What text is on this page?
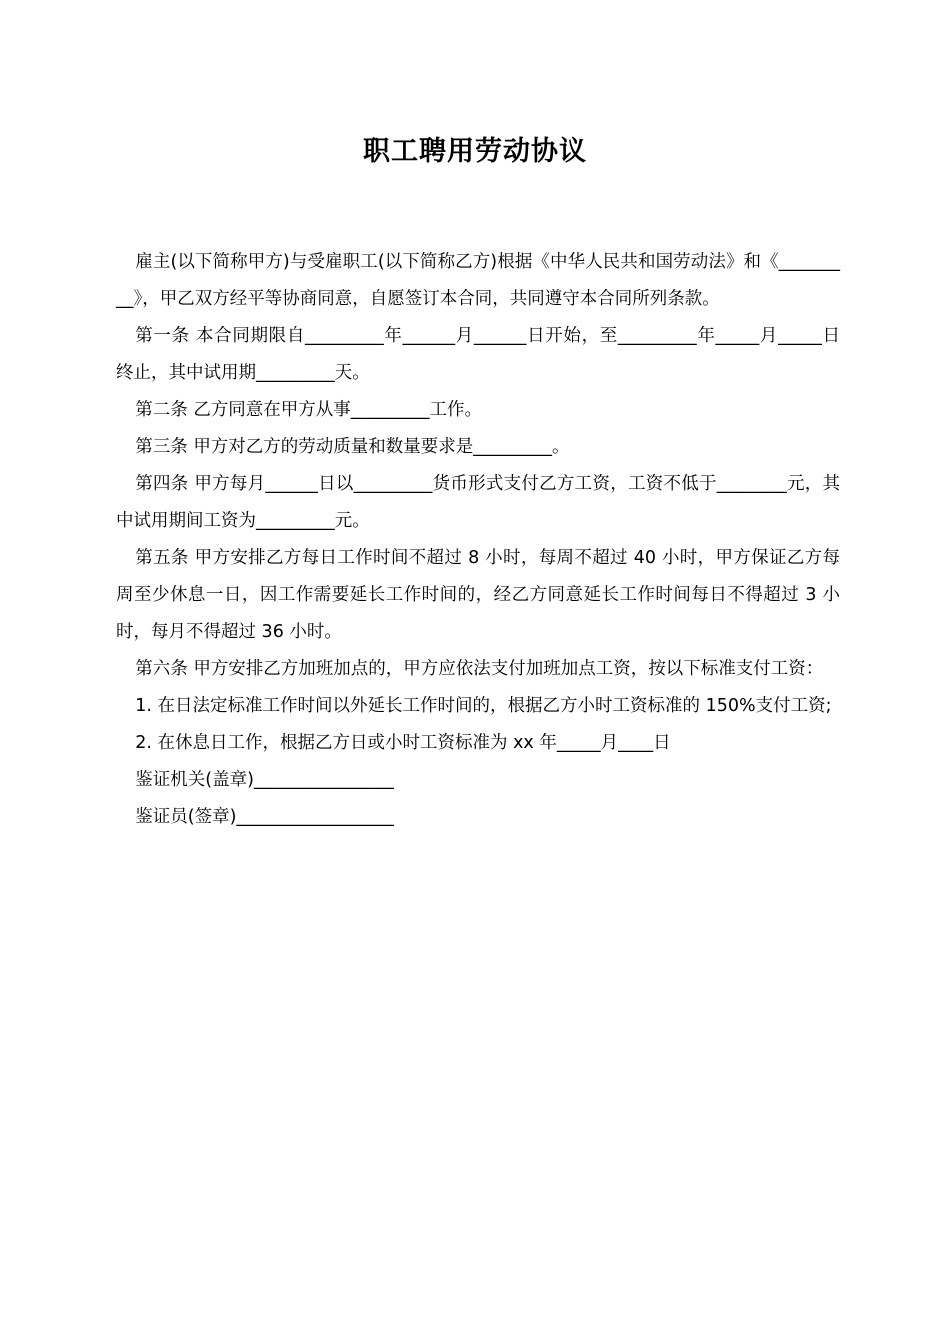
职工聘用劳动协议

雇主(以下简称甲方)与受雇职工(以下简称乙方)根据《中华人民共和国劳动法》和《_________》，甲乙双方经平等协商同意，自愿签订本合同，共同遵守本合同所列条款。

第一条 本合同期限自_________年______月______日开始，至_________年_____月_____日终止，其中试用期_________天。

第二条 乙方同意在甲方从事_________工作。

第三条 甲方对乙方的劳动质量和数量要求是_________。

第四条 甲方每月______日以_________货币形式支付乙方工资，工资不低于________元，其中试用期间工资为_________元。

第五条 甲方安排乙方每日工作时间不超过 8 小时，每周不超过 40 小时，甲方保证乙方每周至少休息一日，因工作需要延长工作时间的，经乙方同意延长工作时间每日不得超过 3 小时，每月不得超过 36 小时。

第六条 甲方安排乙方加班加点的，甲方应依法支付加班加点工资，按以下标准支付工资：

1. 在日法定标准工作时间以外延长工作时间的，根据乙方小时工资标准的 150%支付工资;

2. 在休息日工作，根据乙方日或小时工资标准为 xx 年_____月____日

鉴证机关(盖章)________________

鉴证员(签章)__________________
